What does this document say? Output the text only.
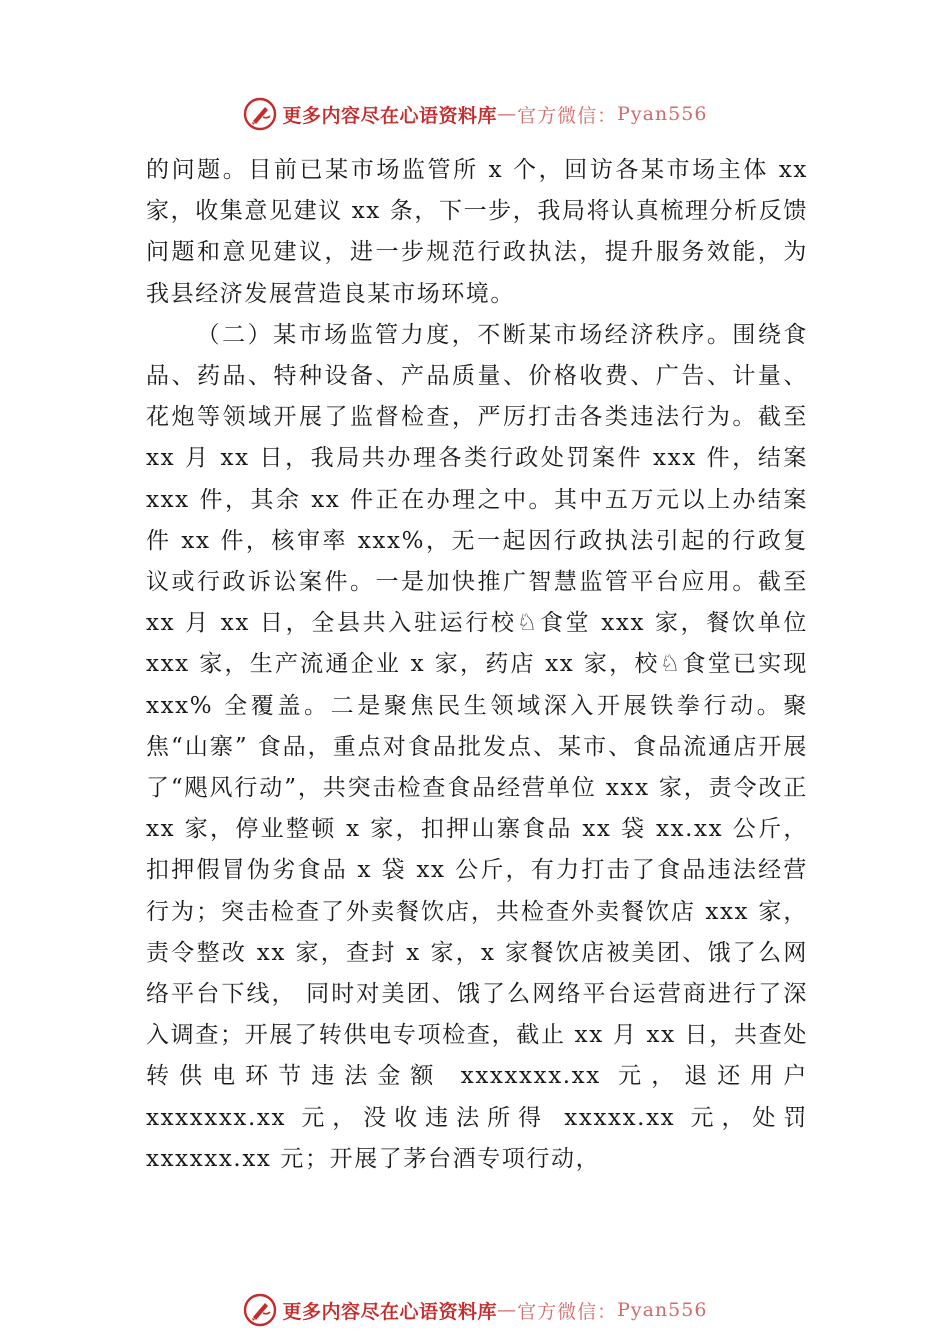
更多内容尽在心语资料库 — 官方微信： Pyan556

的问题。目前已某市场监管所 x 个，回访各某市场主体 xx 家，收集意见建议 xx 条，下一步，我局将认真梳理分析反馈问题和意见建议，进一步规范行政执法，提升服务效能，为我县经济发展营造良某市场环境。

（二）某市场监管力度，不断某市场经济秩序。围绕食品、药品、特种设备、产品质量、价格收费、广告、计量、花炮等领域开展了监督检查，严厉打击各类违法行为。截至 xx 月 xx 日，我局共办理各类行政处罚案件 xxx 件，结案 xxx 件，其余 xx 件正在办理之中。其中五万元以上办结案件 xx 件，核审率 xxx%，无一起因行政执法引起的行政复议或行政诉讼案件。一是加快推广智慧监管平台应用。截至 xx 月 xx 日，全县共入驻运行校♘食堂 xxx 家，餐饮单位 xxx 家，生产流通企业 x 家，药店 xx 家，校♘食堂已实现 xxx% 全覆盖。二是聚焦民生领域深入开展铁拳行动。聚焦“山寨” 食品，重点对食品批发点、某市、食品流通店开展了“飓风行动”，共突击检查食品经营单位 xxx 家，责令改正 xx 家，停业整顿 x 家，扣押山寨食品 xx 袋 xx.xx 公斤，扣押假冒伪劣食品 x 袋 xx 公斤，有力打击了食品违法经营行为；突击检查了外卖餐饮店，共检查外卖餐饮店 xxx 家，责令整改 xx 家，查封 x 家，x 家餐饮店被美团、饿了么网络平台下线， 同时对美团、饿了么网络平台运营商进行了深入调查；开展了转供电专项检查，截止 xx 月 xx 日，共查处转供电环节违法金额 xxxxxxx.xx 元，退还用户 xxxxxxx.xx 元，没收违法所得 xxxxx.xx 元，处罚 xxxxxx.xx 元；开展了茅台酒专项行动，

更多内容尽在心语资料库 — 官方微信： Pyan556
